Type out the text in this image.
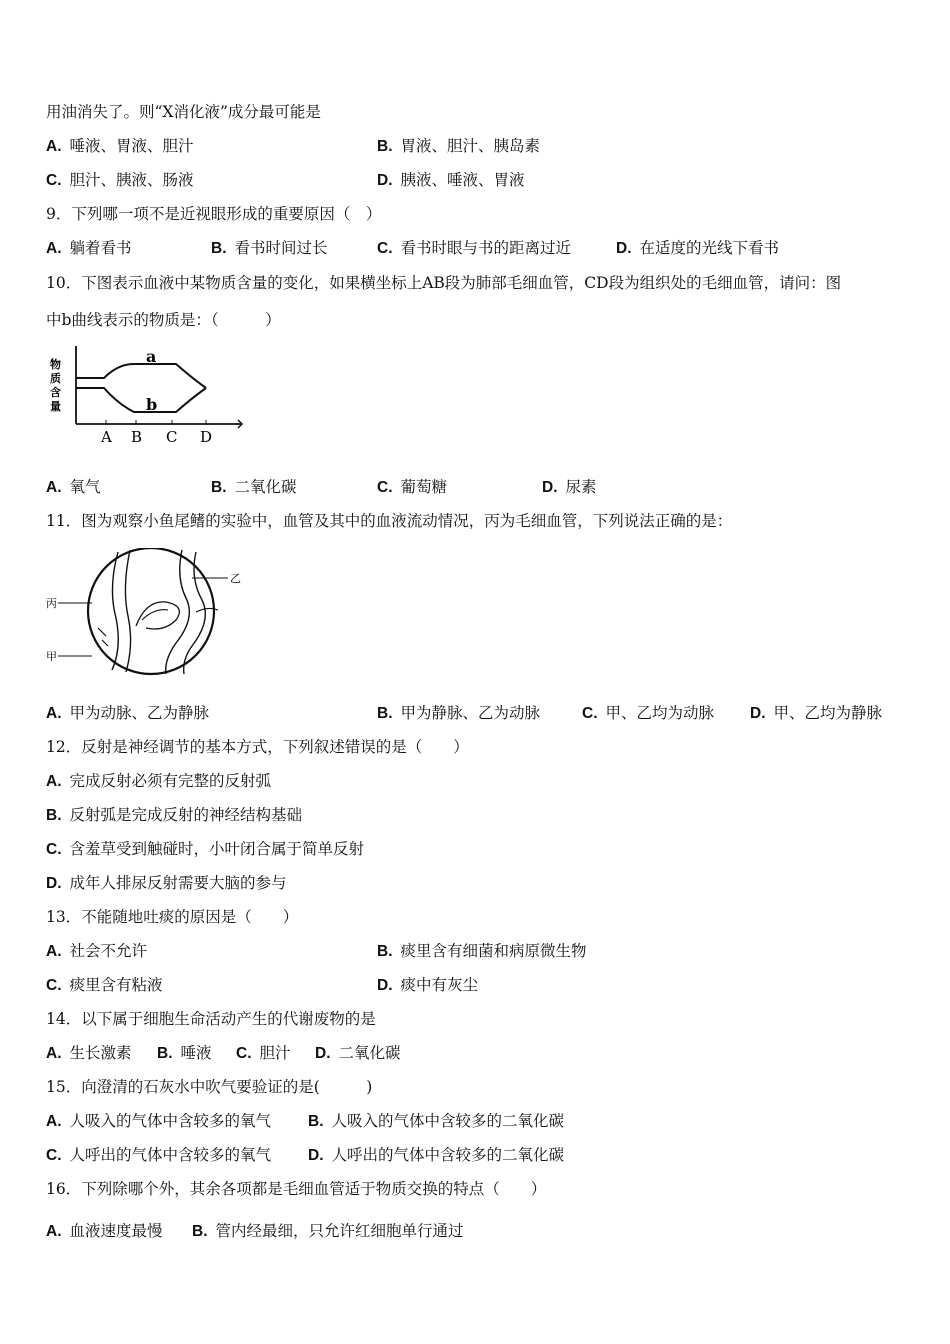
用油消失了。则“X消化液”成分最可能是
A. 唾液、胃液、胆汁	B. 胃液、胆汁、胰岛素
C. 胆汁、胰液、肠液	D. 胰液、唾液、胃液
9．下列哪一项不是近视眼形成的重要原因（　）
A. 躺着看书	B. 看书时间过长	C. 看书时眼与书的距离过近	D. 在适度的光线下看书
10．下图表示血液中某物质含量的变化，如果横坐标上AB段为肺部毛细血管，CD段为组织处的毛细血管，请问：图
中b曲线表示的物质是：（　　　）
物
质
含
量
a
b
A B C D
A. 氧气	B. 二氧化碳	C. 葡萄糖	D. 尿素
11．图为观察小鱼尾鳍的实验中，血管及其中的血液流动情况，丙为毛细血管，下列说法正确的是：
乙
丙
甲
A. 甲为动脉、乙为静脉	B. 甲为静脉、乙为动脉	C. 甲、乙均为动脉 D. 甲、乙均为静脉
12．反射是神经调节的基本方式，下列叙述错误的是（　　）
A. 完成反射必须有完整的反射弧
B. 反射弧是完成反射的神经结构基础
C. 含羞草受到触碰时，小叶闭合属于简单反射
D. 成年人排尿反射需要大脑的参与
13．不能随地吐痰的原因是（　　）
A. 社会不允许	B. 痰里含有细菌和病原微生物
C. 痰里含有粘液	D. 痰中有灰尘
14．以下属于细胞生命活动产生的代谢废物的是
A. 生长激素 B. 唾液 C. 胆汁 D. 二氧化碳
15．向澄清的石灰水中吹气要验证的是(　　　)
A. 人吸入的气体中含较多的氧气 B. 人吸入的气体中含较多的二氧化碳
C. 人呼出的气体中含较多的氧气 D. 人呼出的气体中含较多的二氧化碳
16．下列除哪个外，其余各项都是毛细血管适于物质交换的特点（　　）
A. 血液速度最慢 B. 管内经最细，只允许红细胞单行通过
